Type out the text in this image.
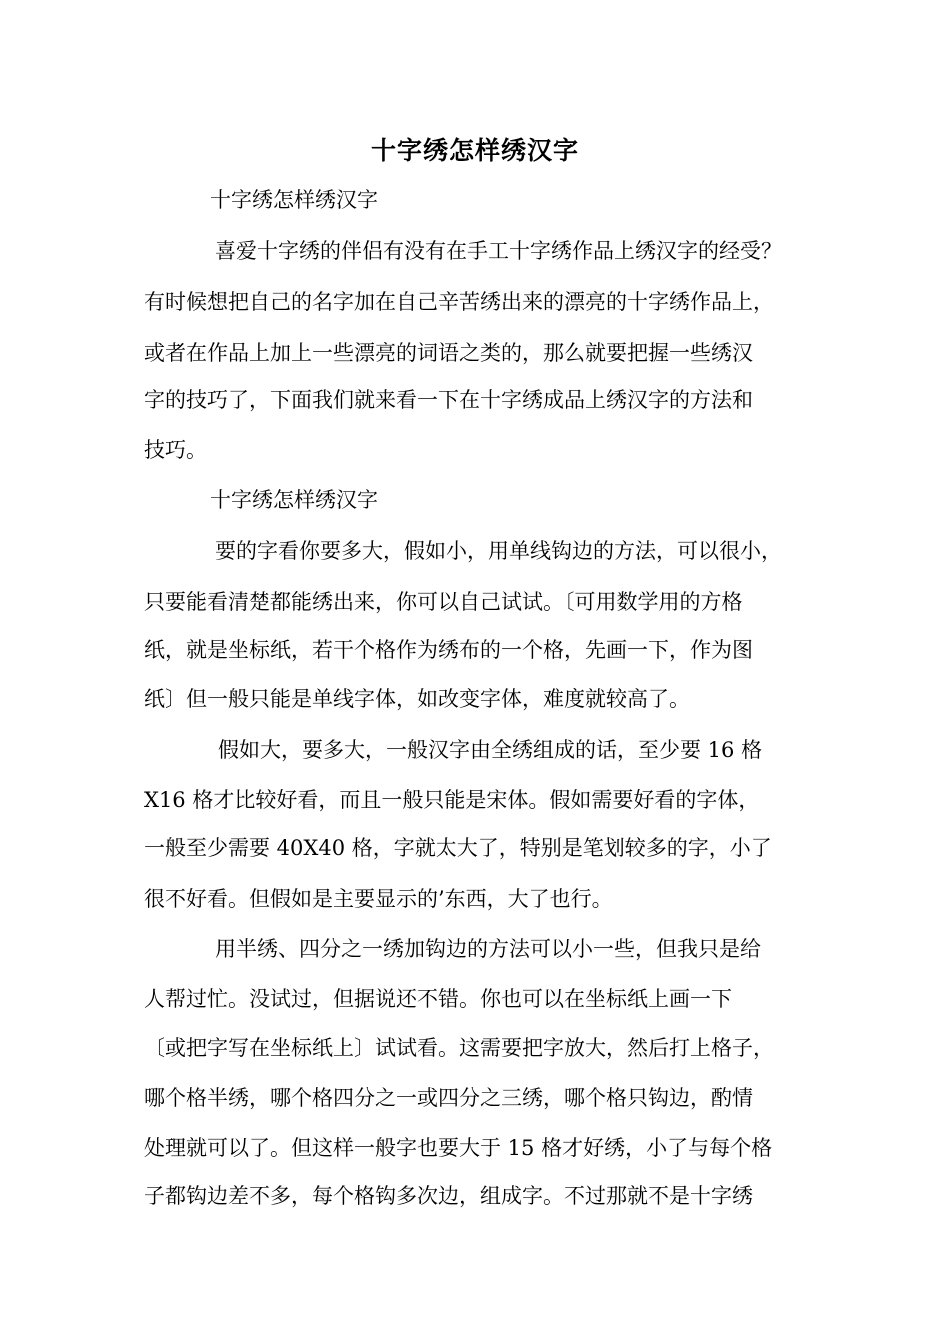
十字绣怎样绣汉字
十字绣怎样绣汉字
喜爱十字绣的伴侣有没有在手工十字绣作品上绣汉字的经受？
有时候想把自己的名字加在自己辛苦绣出来的漂亮的十字绣作品上，
或者在作品上加上一些漂亮的词语之类的，那么就要把握一些绣汉
字的技巧了，下面我们就来看一下在十字绣成品上绣汉字的方法和
技巧。
十字绣怎样绣汉字
要的字看你要多大，假如小，用单线钩边的方法，可以很小，
只要能看清楚都能绣出来，你可以自己试试。〔可用数学用的方格
纸，就是坐标纸，若干个格作为绣布的一个格，先画一下，作为图
纸〕但一般只能是单线字体，如改变字体，难度就较高了。
假如大，要多大，一般汉字由全绣组成的话，至少要 16 格
X16 格才比较好看，而且一般只能是宋体。假如需要好看的字体，
一般至少需要 40X40 格，字就太大了，特别是笔划较多的字，小了
很不好看。但假如是主要显示的’东西，大了也行。
用半绣、四分之一绣加钩边的方法可以小一些，但我只是给
人帮过忙。没试过，但据说还不错。你也可以在坐标纸上画一下
〔或把字写在坐标纸上〕试试看。这需要把字放大，然后打上格子，
哪个格半绣，哪个格四分之一或四分之三绣，哪个格只钩边，酌情
处理就可以了。但这样一般字也要大于 15 格才好绣，小了与每个格
子都钩边差不多，每个格钩多次边，组成字。不过那就不是十字绣
